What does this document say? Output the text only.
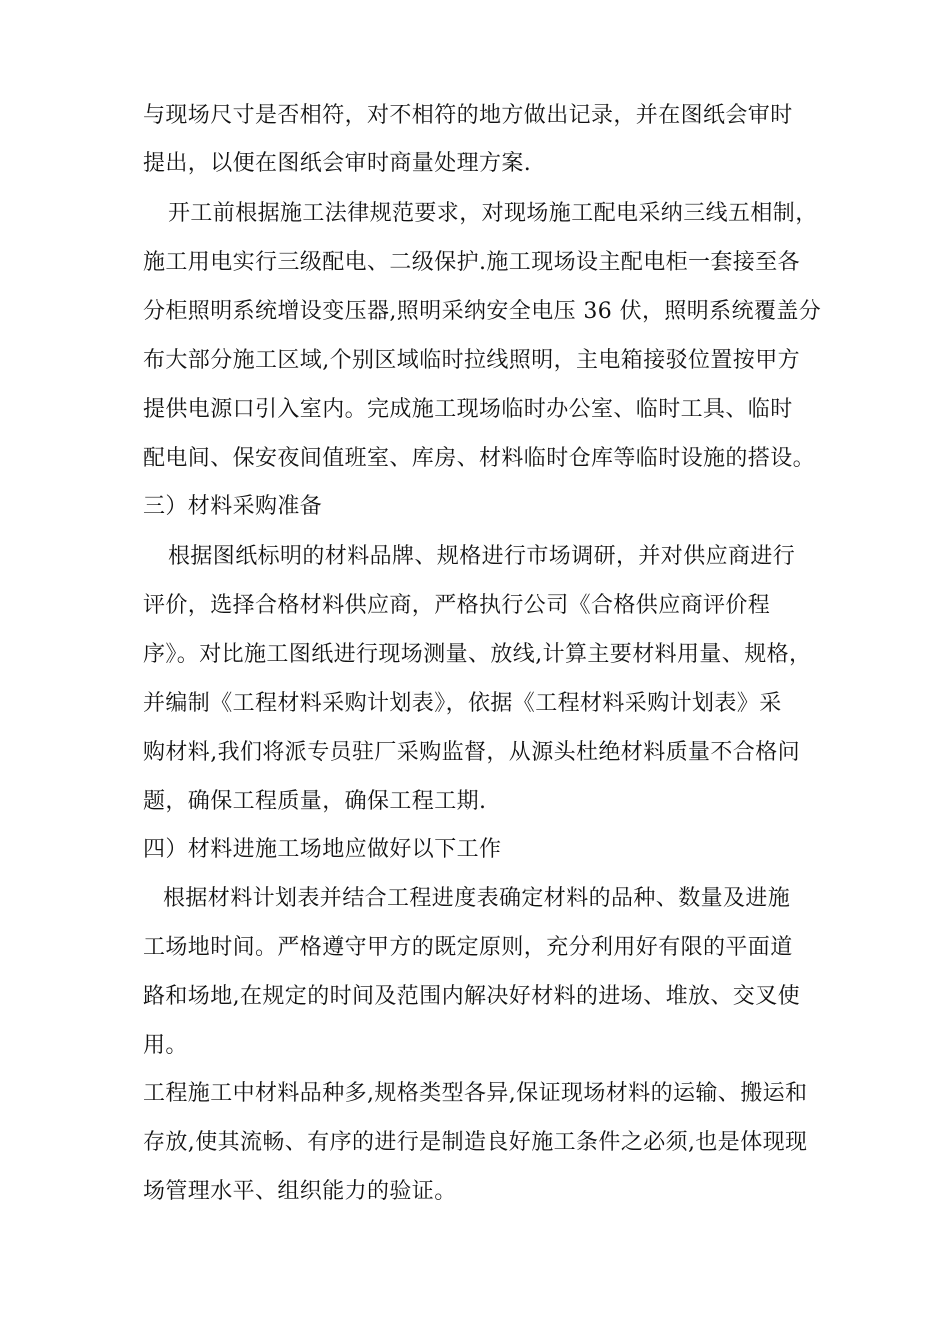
与现场尺寸是否相符，对不相符的地方做出记录，并在图纸会审时
提出，以便在图纸会审时商量处理方案.
开工前根据施工法律规范要求，对现场施工配电采纳三线五相制，
施工用电实行三级配电、二级保护.施工现场设主配电柜一套接至各
分柜照明系统增设变压器,照明采纳安全电压 36 伏，照明系统覆盖分
布大部分施工区域,个别区域临时拉线照明，主电箱接驳位置按甲方
提供电源口引入室内。完成施工现场临时办公室、临时工具、临时
配电间、保安夜间值班室、库房、材料临时仓库等临时设施的搭设。
三）材料采购准备
根据图纸标明的材料品牌、规格进行市场调研，并对供应商进行
评价，选择合格材料供应商，严格执行公司《合格供应商评价程
序》。对比施工图纸进行现场测量、放线,计算主要材料用量、规格，
并编制《工程材料采购计划表》，依据《工程材料采购计划表》采
购材料,我们将派专员驻厂采购监督，从源头杜绝材料质量不合格问
题，确保工程质量，确保工程工期.
四）材料进施工场地应做好以下工作
根据材料计划表并结合工程进度表确定材料的品种、数量及进施
工场地时间。严格遵守甲方的既定原则，充分利用好有限的平面道
路和场地,在规定的时间及范围内解决好材料的进场、堆放、交叉使
用。
工程施工中材料品种多,规格类型各异,保证现场材料的运输、搬运和
存放,使其流畅、有序的进行是制造良好施工条件之必须,也是体现现
场管理水平、组织能力的验证。
